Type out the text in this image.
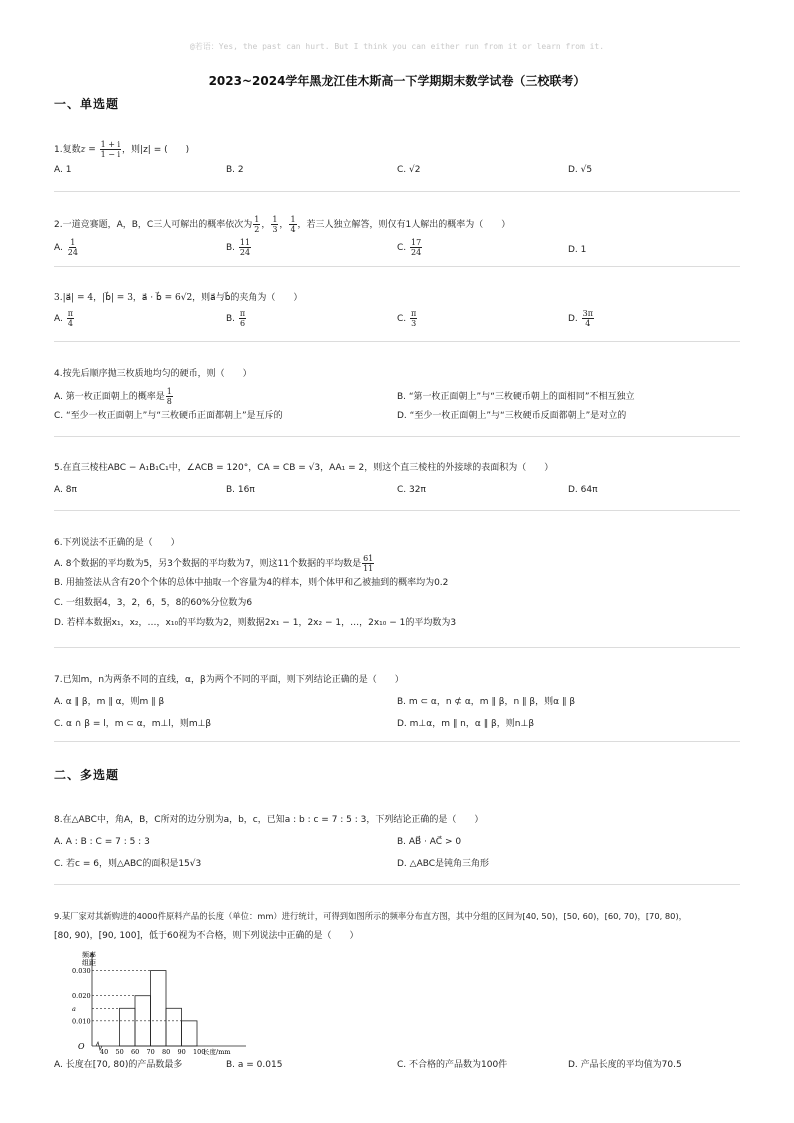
@若语：Yes, the past can hurt. But I think you can either run from it or learn from it.
2023~2024学年黑龙江佳木斯高一下学期期末数学试卷（三校联考）
一、单选题
1.复数$z = \frac{1 + i}{1 - i}$ ，则|z| = (　　)
A. 1	B. 2	C. √2	D. √5
2.一道竞赛题，A，B，C三人可解出的概率依次为 $\frac{1}{2}$ ， $\frac{1}{3}$ ， $\frac{1}{4}$ ，若三人独立解答，则仅有1人解出的概率为（　　）
A. $\frac{1}{24}$	B. $\frac{11}{24}$	C. $\frac{17}{24}$	D. 1
3.|a⃗| = 4，|b⃗| = 3，a⃗ · b⃗ = 6√2，则a⃗与b⃗的夹角为（　　）
A. $\frac{\pi}{4}$	B. $\frac{\pi}{6}$	C. $\frac{\pi}{3}$	D. $\frac{3\pi}{4}$
4.按先后顺序抛三枚质地均匀的硬币，则（　　）
A. 第一枚正面朝上的概率是 $\frac{1}{8}$	B. “第一枚正面朝上”与“三枚硬币朝上的面相同”不相互独立
C. “至少一枚正面朝上”与“三枚硬币正面都朝上”是互斥的	D. “至少一枚正面朝上”与“三枚硬币反面都朝上”是对立的
5.在直三棱柱ABC − A₁B₁C₁中，∠ACB = 120°，CA = CB = √3，AA₁ = 2，则这个直三棱柱的外接球的表面积为（　　）
A. 8π	B. 16π	C. 32π	D. 64π
6.下列说法不正确的是（　　）
A. 8个数据的平均数为5，另3个数据的平均数为7，则这11个数据的平均数是 $\frac{61}{11}$
B. 用抽签法从含有20个个体的总体中抽取一个容量为4的样本，则个体甲和乙被抽到的概率均为0.2
C. 一组数据4，3，2，6，5，8的60%分位数为6
D. 若样本数据x₁，x₂，…，x₁₀的平均数为2，则数据2x₁ − 1，2x₂ − 1，…，2x₁₀ − 1的平均数为3
7.已知m，n为两条不同的直线，α，β为两个不同的平面，则下列结论正确的是（　　）
A. α ∥ β，m ∥ α，则m ∥ β	B. m ⊂ α，n ⊄ α，m ∥ β，n ∥ β，则α ∥ β
C. α ∩ β = l，m ⊂ α，m⊥l，则m⊥β	D. m⊥α，m ∥ n，α ∥ β，则n⊥β
二、多选题
8.在△ABC中，角A，B，C所对的边分别为a，b，c，已知a : b : c = 7 : 5 : 3，下列结论正确的是（　　）
A. A : B : C = 7 : 5 : 3	B. AB⃗ · AC⃗ > 0
C. 若c = 6，则△ABC的面积是15√3	D. △ABC是钝角三角形
9.某厂家对其新购进的4000件原料产品的长度（单位：mm）进行统计，可得到如图所示的频率分布直方图，其中分组的区间为[40, 50)，[50, 60)，[60, 70)，[70, 80)，
[80, 90)，[90, 100]，低于60视为不合格，则下列说法中正确的是（　　）
频率
组距
O
0.030
0.020
a
0.010
40 50 60 70 80 90 100
长度/mm
A. 长度在[70, 80)的产品数最多	B. a = 0.015	C. 不合格的产品数为100件	D. 产品长度的平均值为70.5
